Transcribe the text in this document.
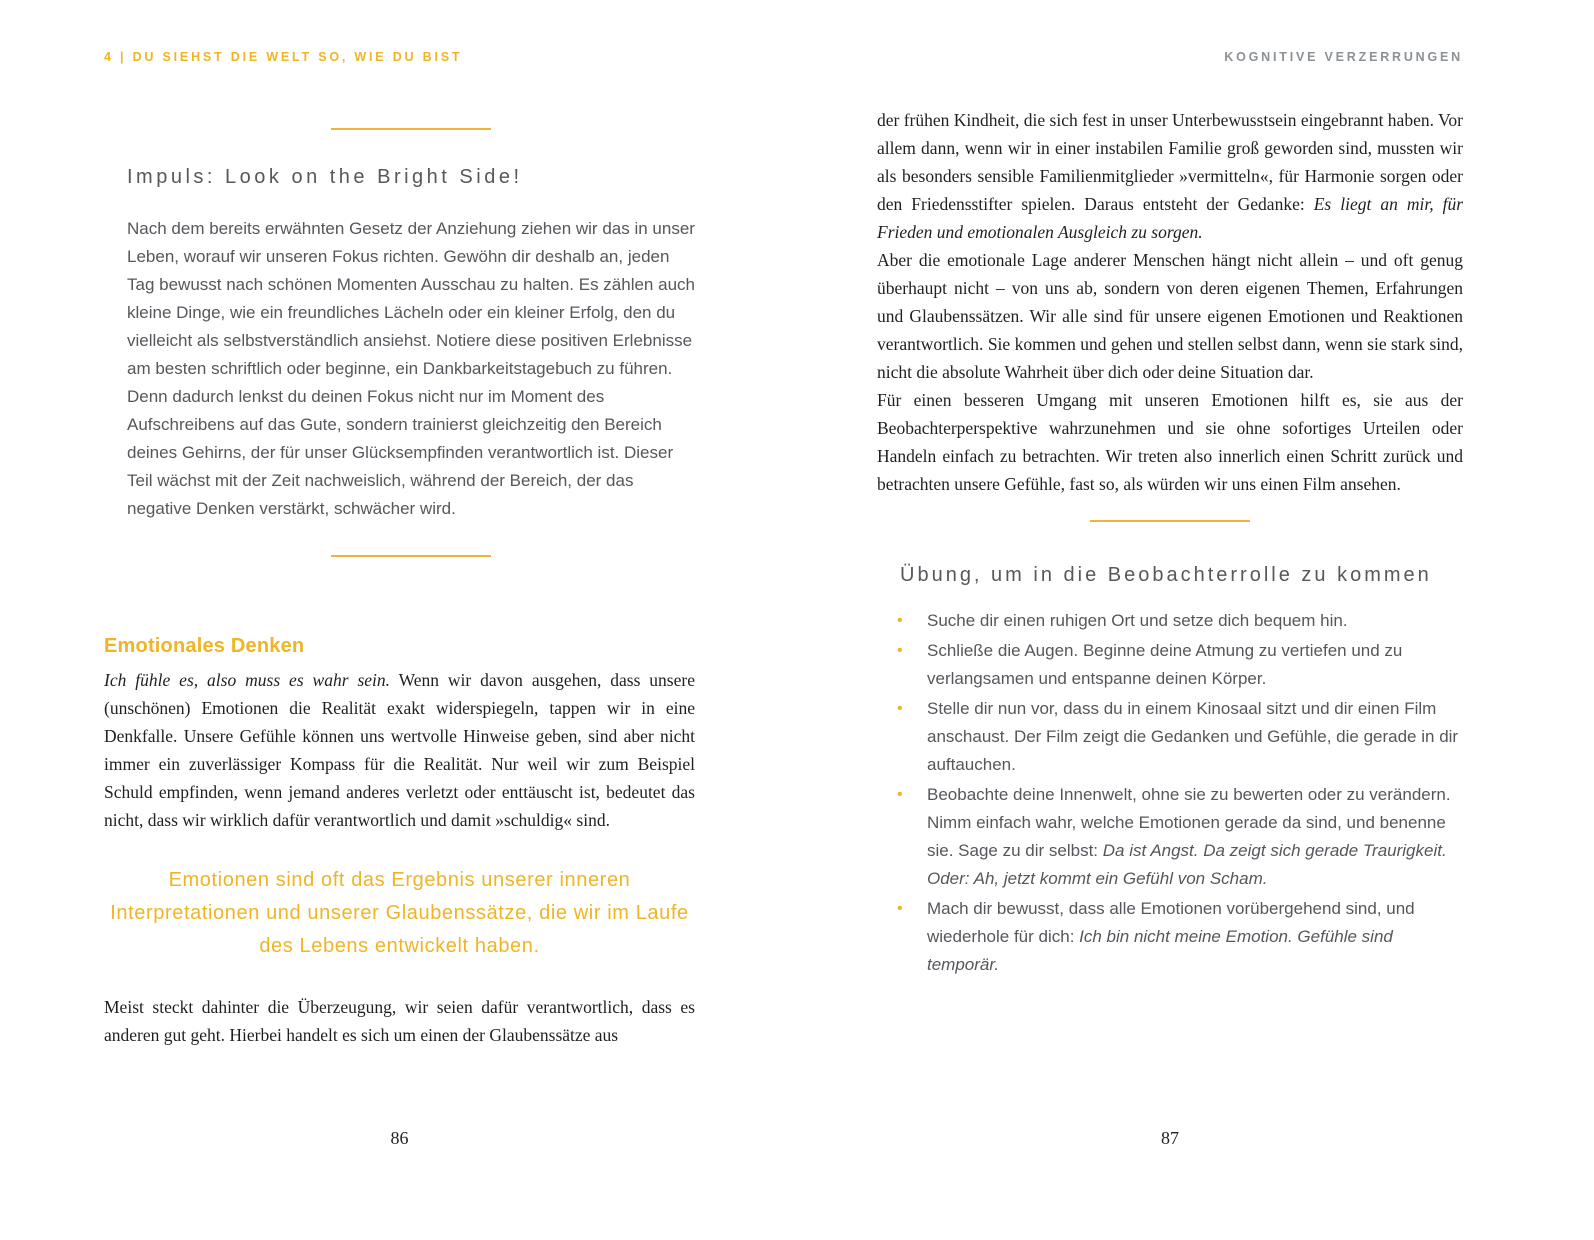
4 | DU SIEHST DIE WELT SO, WIE DU BIST	KOGNITIVE VERZERRUNGEN
Impuls: Look on the Bright Side!

Nach dem bereits erwähnten Gesetz der Anziehung ziehen wir das in unser Leben, worauf wir unseren Fokus richten. Gewöhn dir deshalb an, jeden Tag bewusst nach schönen Momenten Ausschau zu halten. Es zählen auch kleine Dinge, wie ein freundliches Lächeln oder ein kleiner Erfolg, den du vielleicht als selbstverständlich ansiehst. Notiere diese positiven Erlebnisse am besten schriftlich oder beginne, ein Dankbarkeitstagebuch zu führen. Denn dadurch lenkst du deinen Fokus nicht nur im Moment des Aufschreibens auf das Gute, sondern trainierst gleichzeitig den Bereich deines Gehirns, der für unser Glücksempfinden verantwortlich ist. Dieser Teil wächst mit der Zeit nachweislich, während der Bereich, der das negative Denken verstärkt, schwächer wird.

Emotionales Denken

Ich fühle es, also muss es wahr sein. Wenn wir davon ausgehen, dass unsere (unschönen) Emotionen die Realität exakt widerspiegeln, tappen wir in eine Denkfalle. Unsere Gefühle können uns wertvolle Hinweise geben, sind aber nicht immer ein zuverlässiger Kompass für die Realität. Nur weil wir zum Beispiel Schuld empfinden, wenn jemand anderes verletzt oder enttäuscht ist, bedeutet das nicht, dass wir wirklich dafür verantwortlich und damit »schuldig« sind.

Emotionen sind oft das Ergebnis unserer inneren Interpretationen und unserer Glaubenssätze, die wir im Laufe des Lebens entwickelt haben.

Meist steckt dahinter die Überzeugung, wir seien dafür verantwortlich, dass es anderen gut geht. Hierbei handelt es sich um einen der Glaubenssätze aus

der frühen Kindheit, die sich fest in unser Unterbewusstsein eingebrannt haben. Vor allem dann, wenn wir in einer instabilen Familie groß geworden sind, mussten wir als besonders sensible Familienmitglieder »vermitteln«, für Harmonie sorgen oder den Friedensstifter spielen. Daraus entsteht der Gedanke: Es liegt an mir, für Frieden und emotionalen Ausgleich zu sorgen.

Aber die emotionale Lage anderer Menschen hängt nicht allein – und oft genug überhaupt nicht – von uns ab, sondern von deren eigenen Themen, Erfahrungen und Glaubenssätzen. Wir alle sind für unsere eigenen Emotionen und Reaktionen verantwortlich. Sie kommen und gehen und stellen selbst dann, wenn sie stark sind, nicht die absolute Wahrheit über dich oder deine Situation dar.

Für einen besseren Umgang mit unseren Emotionen hilft es, sie aus der Beobachterperspektive wahrzunehmen und sie ohne sofortiges Urteilen oder Handeln einfach zu betrachten. Wir treten also innerlich einen Schritt zurück und betrachten unsere Gefühle, fast so, als würden wir uns einen Film ansehen.

Übung, um in die Beobachterrolle zu kommen
•	Suche dir einen ruhigen Ort und setze dich bequem hin.
•	Schließe die Augen. Beginne deine Atmung zu vertiefen und zu verlangsamen und entspanne deinen Körper.
•	Stelle dir nun vor, dass du in einem Kinosaal sitzt und dir einen Film anschaust. Der Film zeigt die Gedanken und Gefühle, die gerade in dir auftauchen.
•	Beobachte deine Innenwelt, ohne sie zu bewerten oder zu verändern. Nimm einfach wahr, welche Emotionen gerade da sind, und benenne sie. Sage zu dir selbst: Da ist Angst. Da zeigt sich gerade Traurigkeit. Oder: Ah, jetzt kommt ein Gefühl von Scham.
•	Mach dir bewusst, dass alle Emotionen vorübergehend sind, und wiederhole für dich: Ich bin nicht meine Emotion. Gefühle sind temporär.
86	87
